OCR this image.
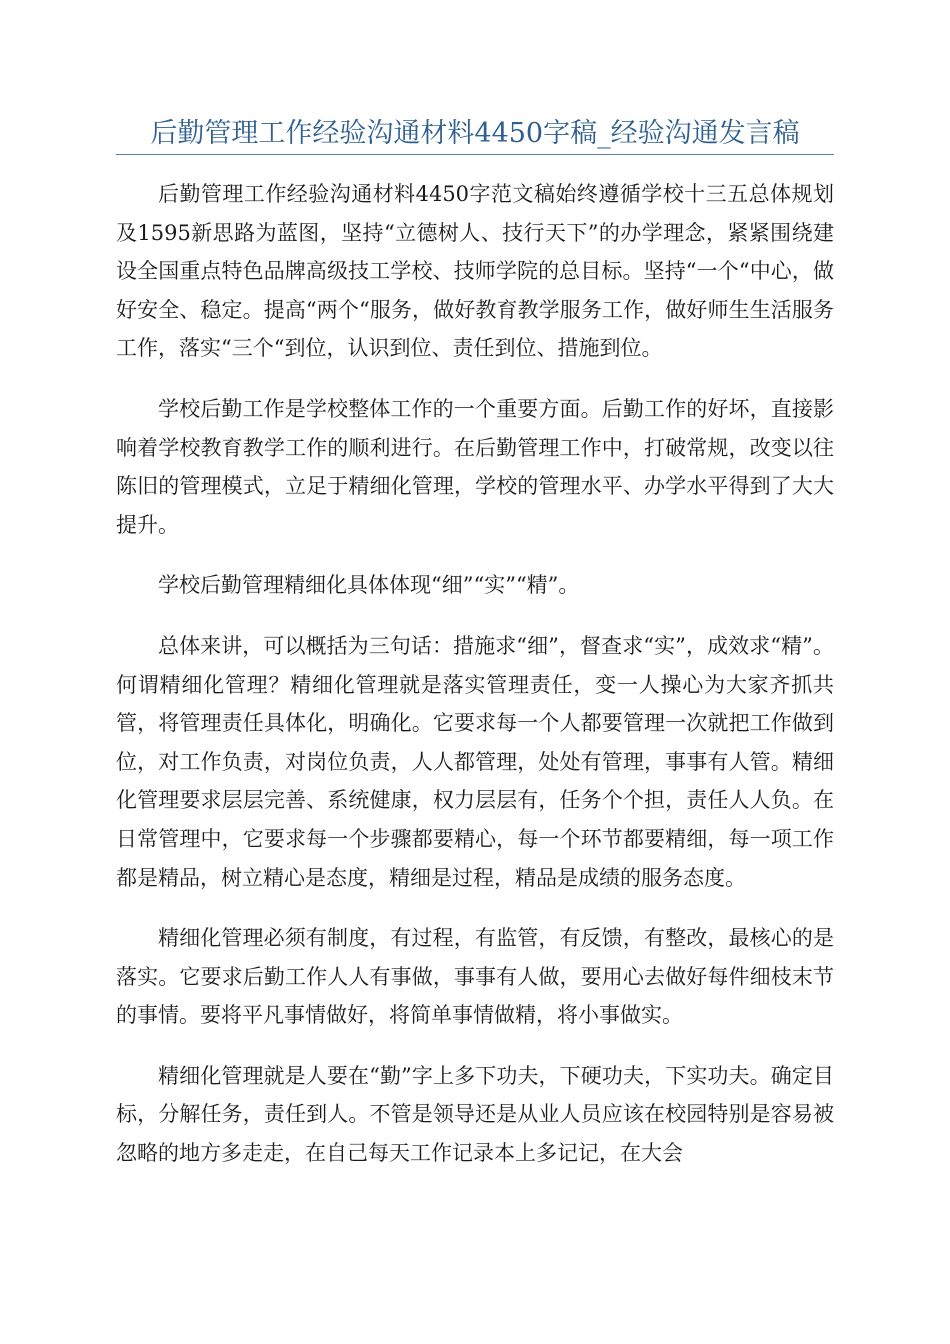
后勤管理工作经验沟通材料4450字稿_经验沟通发言稿

后勤管理工作经验沟通材料4450字范文稿始终遵循学校十三五总体规划及1595新思路为蓝图，坚持“立德树人、技行天下”的办学理念，紧紧围绕建设全国重点特色品牌高级技工学校、技师学院的总目标。坚持“一个“中心，做好安全、稳定。提高“两个“服务，做好教育教学服务工作，做好师生生活服务工作，落实“三个“到位，认识到位、责任到位、措施到位。

学校后勤工作是学校整体工作的一个重要方面。后勤工作的好坏，直接影响着学校教育教学工作的顺利进行。在后勤管理工作中，打破常规，改变以往陈旧的管理模式，立足于精细化管理，学校的管理水平、办学水平得到了大大提升。

学校后勤管理精细化具体体现“细”“实”“精”。

总体来讲，可以概括为三句话：措施求“细”，督查求“实”，成效求“精”。何谓精细化管理？精细化管理就是落实管理责任，变一人操心为大家齐抓共管，将管理责任具体化，明确化。它要求每一个人都要管理一次就把工作做到位，对工作负责，对岗位负责，人人都管理，处处有管理，事事有人管。精细化管理要求层层完善、系统健康，权力层层有，任务个个担，责任人人负。在日常管理中，它要求每一个步骤都要精心，每一个环节都要精细，每一项工作都是精品，树立精心是态度，精细是过程，精品是成绩的服务态度。

精细化管理必须有制度，有过程，有监管，有反馈，有整改，最核心的是落实。它要求后勤工作人人有事做，事事有人做，要用心去做好每件细枝末节的事情。要将平凡事情做好，将简单事情做精，将小事做实。

精细化管理就是人要在“勤”字上多下功夫，下硬功夫，下实功夫。确定目标，分解任务，责任到人。不管是领导还是从业人员应该在校园特别是容易被忽略的地方多走走，在自己每天工作记录本上多记记，在大会
